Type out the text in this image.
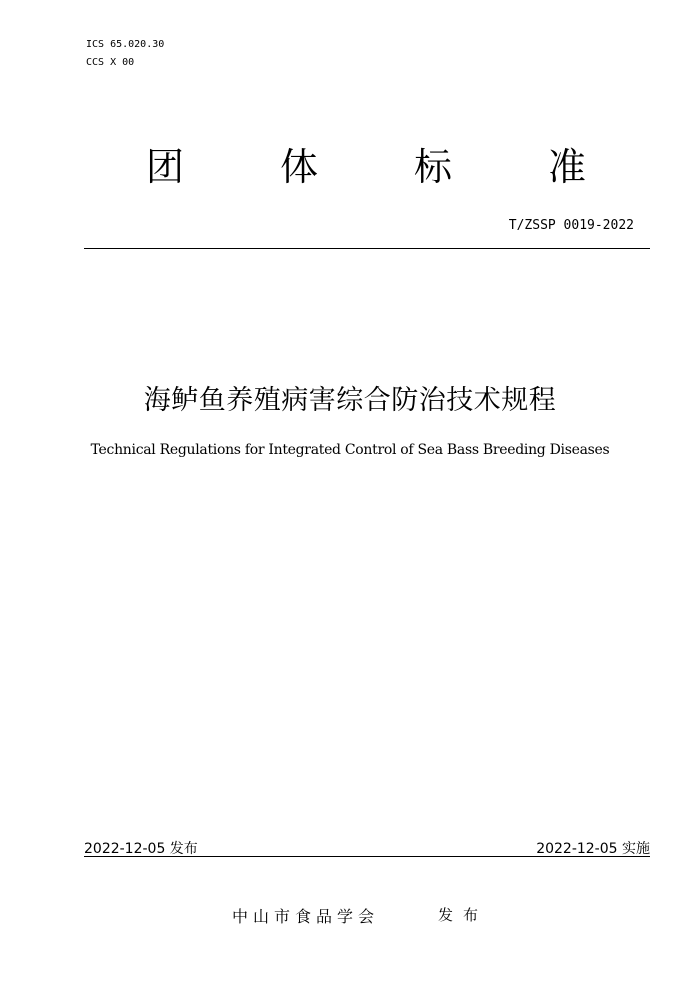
ICS 65.020.30
CCS X 00
团	体	标	准
T/ZSSP 0019-2022
海鲈鱼养殖病害综合防治技术规程
Technical Regulations for Integrated Control of Sea Bass Breeding Diseases
2022-12-05 发布	2022-12-05 实施
中山市食品学会	发布
